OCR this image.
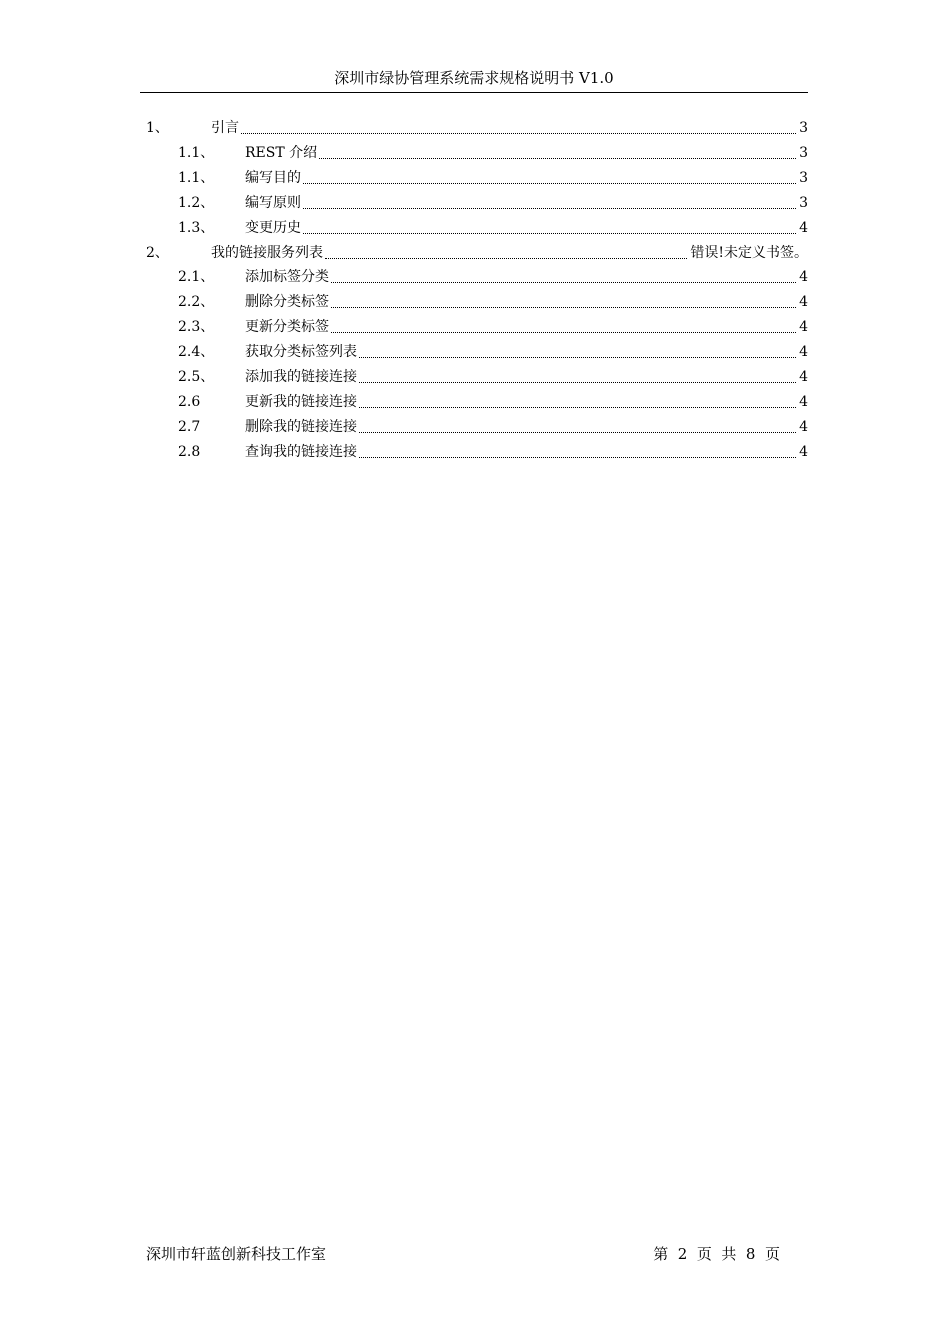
深圳市绿协管理系统需求规格说明书 V1.0
1、	引言	3
1.1、 REST 介绍	3
1.1、 编写目的	3
1.2、 编写原则	3
1.3、 变更历史	4
2、	我的链接服务列表	错误!未定义书签。
2.1、 添加标签分类	4
2.2、 删除分类标签	4
2.3、 更新分类标签	4
2.4、 获取分类标签列表	4
2.5、 添加我的链接连接	4
2.6	更新我的链接连接	4
2.7	删除我的链接连接	4
2.8	查询我的链接连接	4
深圳市轩蓝创新科技工作室	第  2  页  共  8  页
